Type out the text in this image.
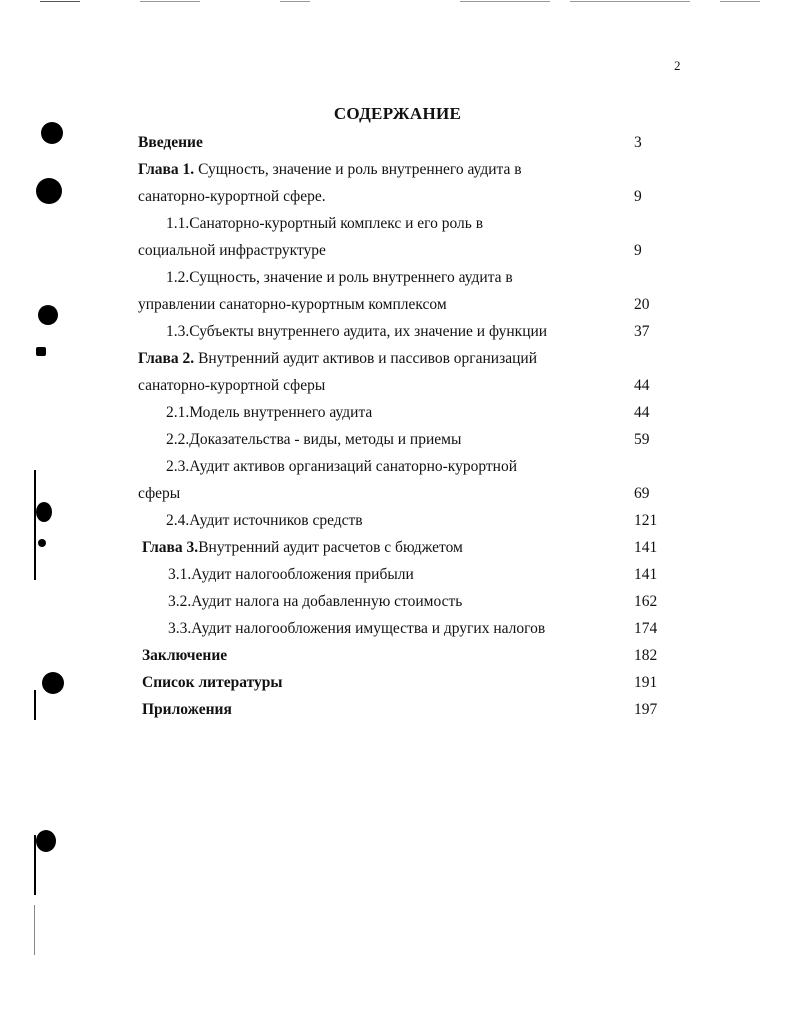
2
СОДЕРЖАНИЕ
Введение	3
Глава 1. Сущность, значение и роль внутреннего аудита в
санаторно-курортной сфере.	9
1.1.Санаторно-курортный комплекс и его роль в
социальной инфраструктуре	9
1.2.Сущность, значение и роль внутреннего аудита в
управлении санаторно-курортным комплексом	20
1.3.Субъекты внутреннего аудита, их значение и функции	37
Глава 2. Внутренний аудит активов и пассивов организаций
санаторно-курортной сферы	44
2.1.Модель внутреннего аудита	44
2.2.Доказательства - виды, методы и приемы	59
2.3.Аудит активов организаций санаторно-курортной
сферы	69
2.4.Аудит источников средств	121
Глава 3.Внутренний аудит расчетов с бюджетом	141
3.1.Аудит налогообложения прибыли	141
3.2.Аудит налога на добавленную стоимость	162
3.3.Аудит налогообложения имущества и других налогов	174
Заключение	182
Список литературы	191
Приложения	197
